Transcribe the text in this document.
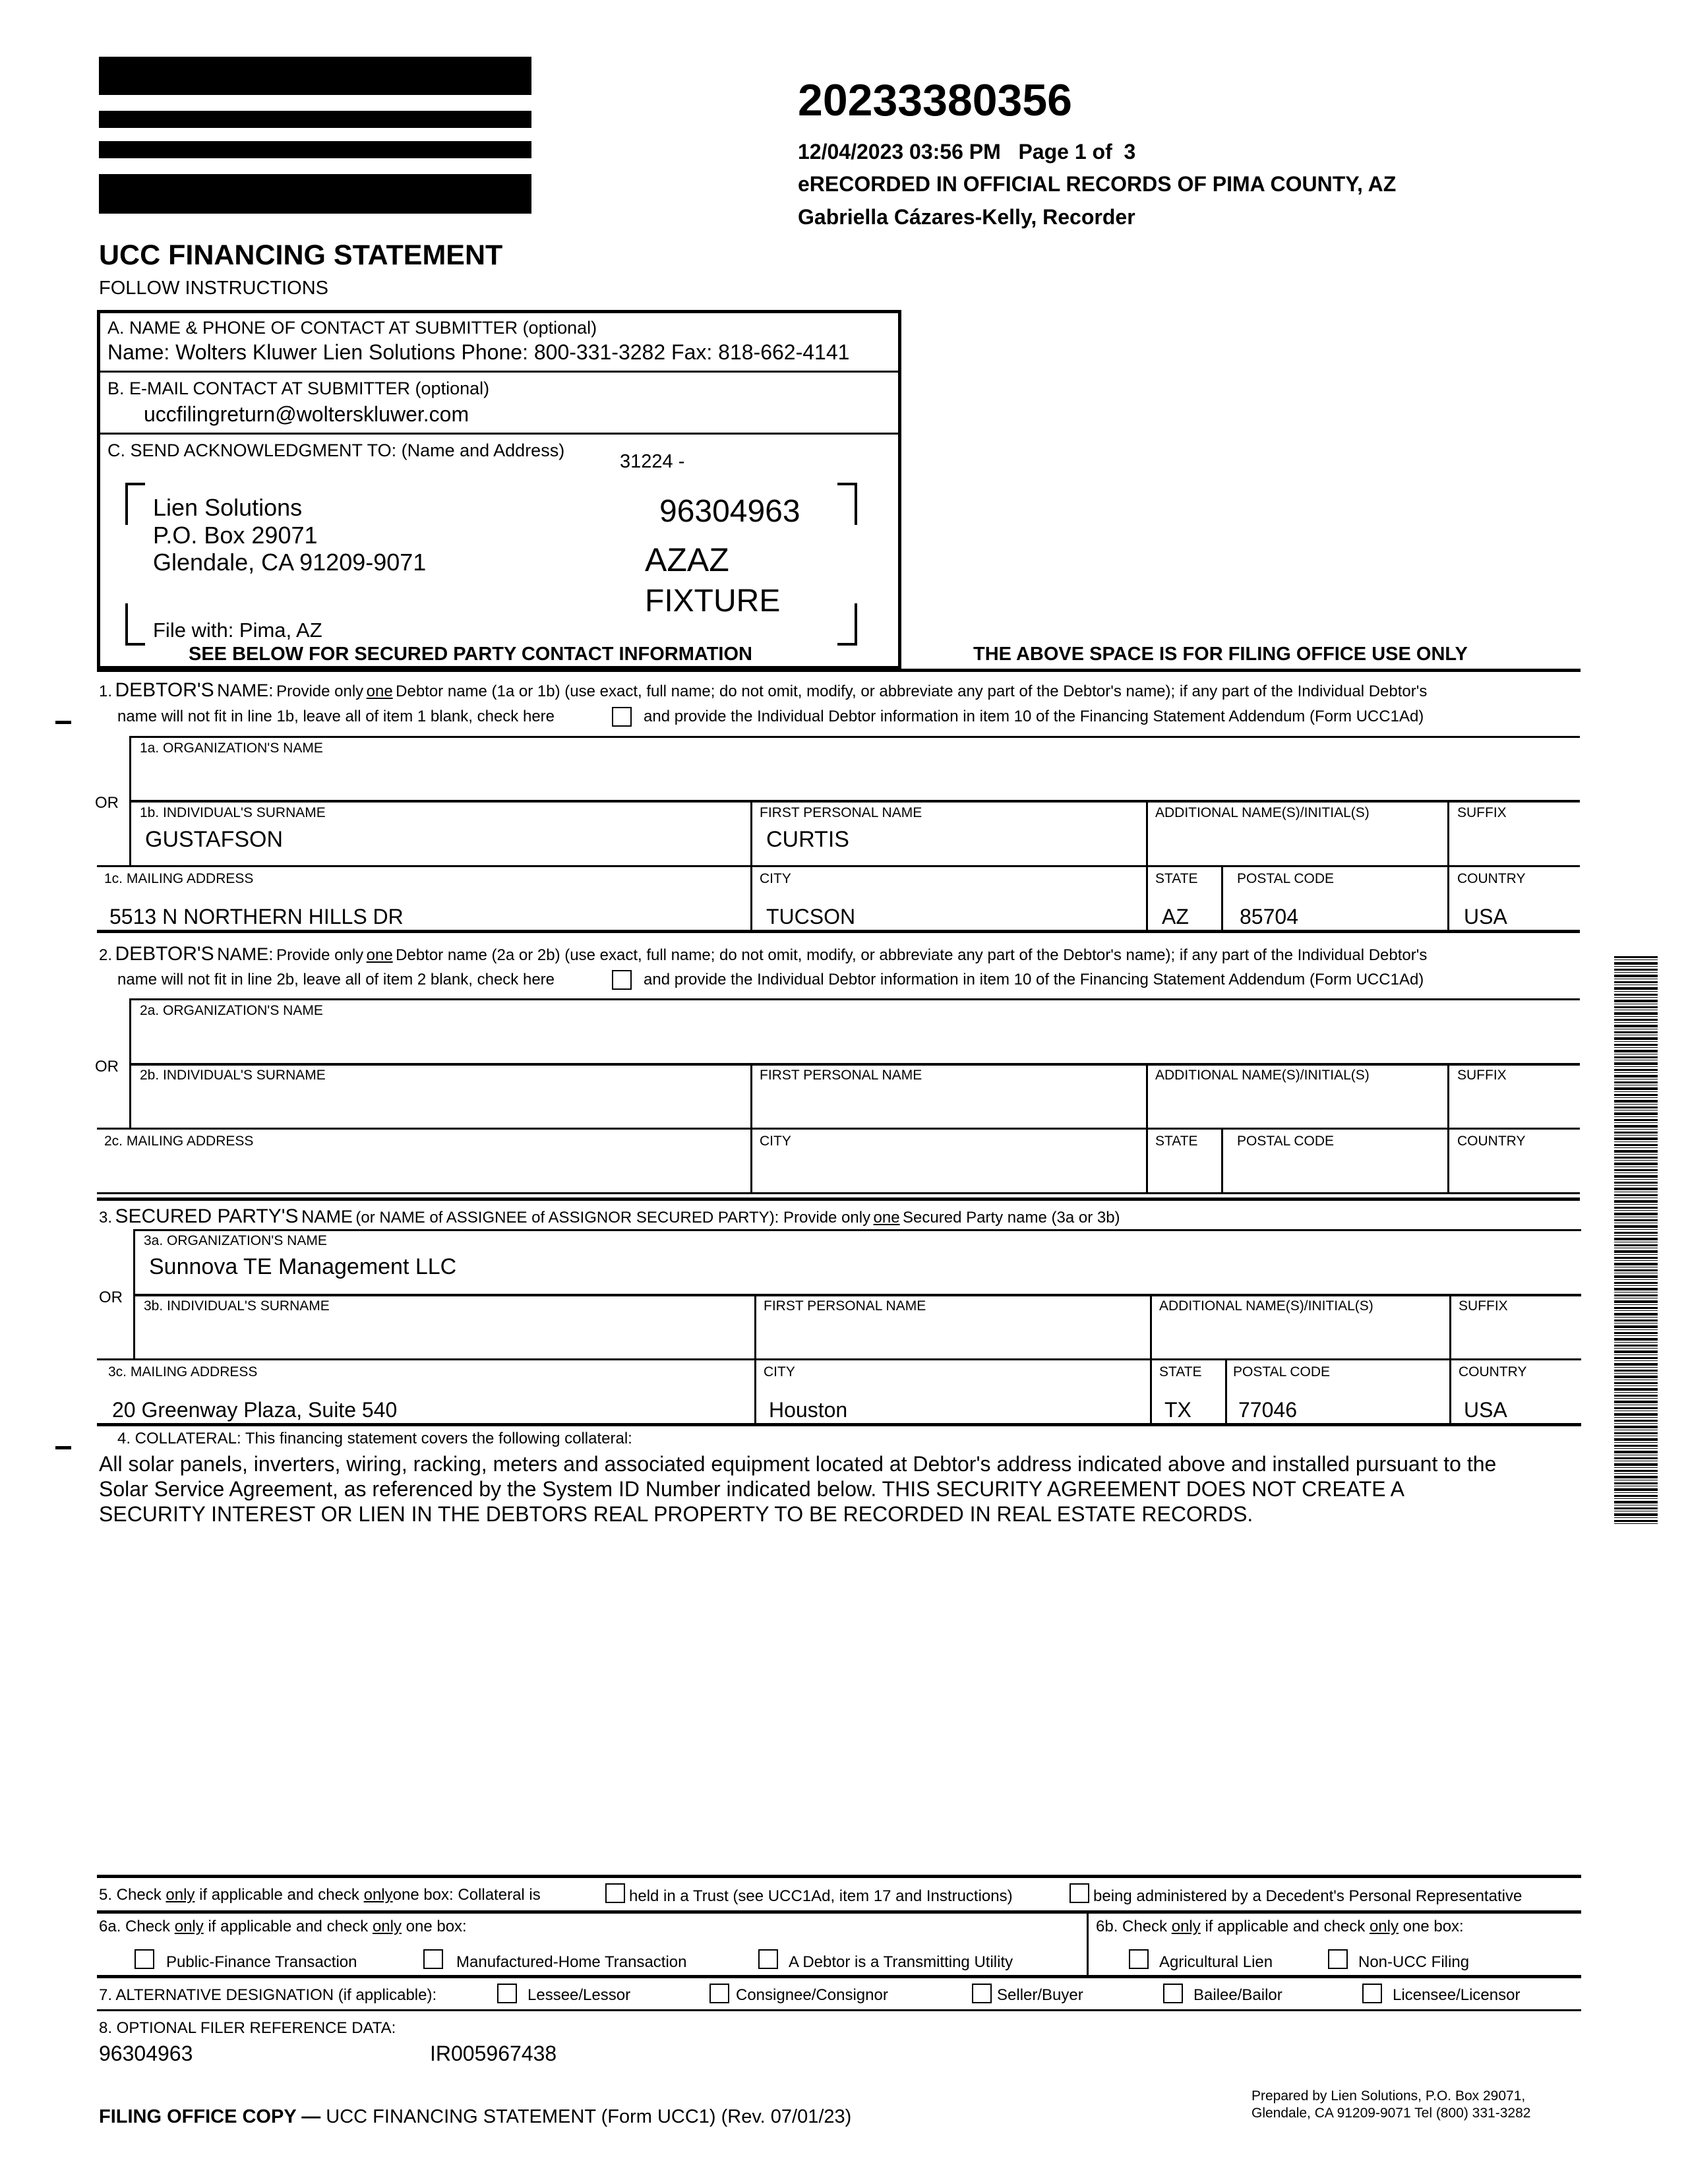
20233380356
12/04/2023 03:56 PM   Page 1 of  3
eRECORDED IN OFFICIAL RECORDS OF PIMA COUNTY, AZ
Gabriella Cázares-Kelly, Recorder
UCC FINANCING STATEMENT
FOLLOW INSTRUCTIONS
A. NAME & PHONE OF CONTACT AT SUBMITTER (optional)
Name: Wolters Kluwer Lien Solutions Phone: 800-331-3282 Fax: 818-662-4141
B. E-MAIL CONTACT AT SUBMITTER (optional)
uccfilingreturn@wolterskluwer.com
C. SEND ACKNOWLEDGMENT TO: (Name and Address)
31224 -
Lien Solutions
P.O. Box 29071
Glendale, CA 91209-9071
96304963
AZAZ
FIXTURE
File with: Pima, AZ
SEE BELOW FOR SECURED PARTY CONTACT INFORMATION	THE ABOVE SPACE IS FOR FILING OFFICE USE ONLY
1. DEBTOR'S NAME: Provide only one Debtor name (1a or 1b) (use exact, full name; do not omit, modify, or abbreviate any part of the Debtor's name); if any part of the Individual Debtor's
name will not fit in line 1b, leave all of item 1 blank, check here	and provide the Individual Debtor information in item 10 of the Financing Statement Addendum (Form UCC1Ad)
1a. ORGANIZATION'S NAME
OR
1b. INDIVIDUAL'S SURNAME
GUSTAFSON
FIRST PERSONAL NAME
CURTIS
ADDITIONAL NAME(S)/INITIAL(S)	SUFFIX
1c. MAILING ADDRESS
5513 N NORTHERN HILLS DR
CITY
TUCSON
STATE
AZ
POSTAL CODE
85704
COUNTRY
USA
2. DEBTOR'S NAME: Provide only one Debtor name (2a or 2b) (use exact, full name; do not omit, modify, or abbreviate any part of the Debtor's name); if any part of the Individual Debtor's
name will not fit in line 2b, leave all of item 2 blank, check here	and provide the Individual Debtor information in item 10 of the Financing Statement Addendum (Form UCC1Ad)
2a. ORGANIZATION'S NAME
OR 2b. INDIVIDUAL'S SURNAME	FIRST PERSONAL NAME	ADDITIONAL NAME(S)/INITIAL(S)	SUFFIX
2c. MAILING ADDRESS	CITY	STATE	POSTAL CODE	COUNTRY
3. SECURED PARTY'S NAME (or NAME of ASSIGNEE of ASSIGNOR SECURED PARTY): Provide only one Secured Party name (3a or 3b)
3a. ORGANIZATION'S NAME
Sunnova TE Management LLC
OR 3b. INDIVIDUAL'S SURNAME	FIRST PERSONAL NAME	ADDITIONAL NAME(S)/INITIAL(S)	SUFFIX
3c. MAILING ADDRESS
20 Greenway Plaza, Suite 540
CITY
Houston
STATE
TX
POSTAL CODE
77046
COUNTRY
USA
4. COLLATERAL: This financing statement covers the following collateral:
All solar panels, inverters, wiring, racking, meters and associated equipment located at Debtor's address indicated above and installed pursuant to the
Solar Service Agreement, as referenced by the System ID Number indicated below. THIS SECURITY AGREEMENT DOES NOT CREATE A
SECURITY INTEREST OR LIEN IN THE DEBTORS REAL PROPERTY TO BE RECORDED IN REAL ESTATE RECORDS.
5. Check only if applicable and check onlyone box: Collateral is	held in a Trust (see UCC1Ad, item 17 and Instructions)	being administered by a Decedent's Personal Representative
6a. Check only if applicable and check only one box:
Public-Finance Transaction	Manufactured-Home Transaction	A Debtor is a Transmitting Utility
6b. Check only if applicable and check only one box:
Agricultural Lien	Non-UCC Filing
7. ALTERNATIVE DESIGNATION (if applicable):	Lessee/Lessor	Consignee/Consignor	Seller/Buyer	Bailee/Bailor	Licensee/Licensor
8. OPTIONAL FILER REFERENCE DATA:
96304963	IR005967438
FILING OFFICE COPY — UCC FINANCING STATEMENT (Form UCC1) (Rev. 07/01/23)
Prepared by Lien Solutions, P.O. Box 29071,
Glendale, CA 91209-9071 Tel (800) 331-3282
